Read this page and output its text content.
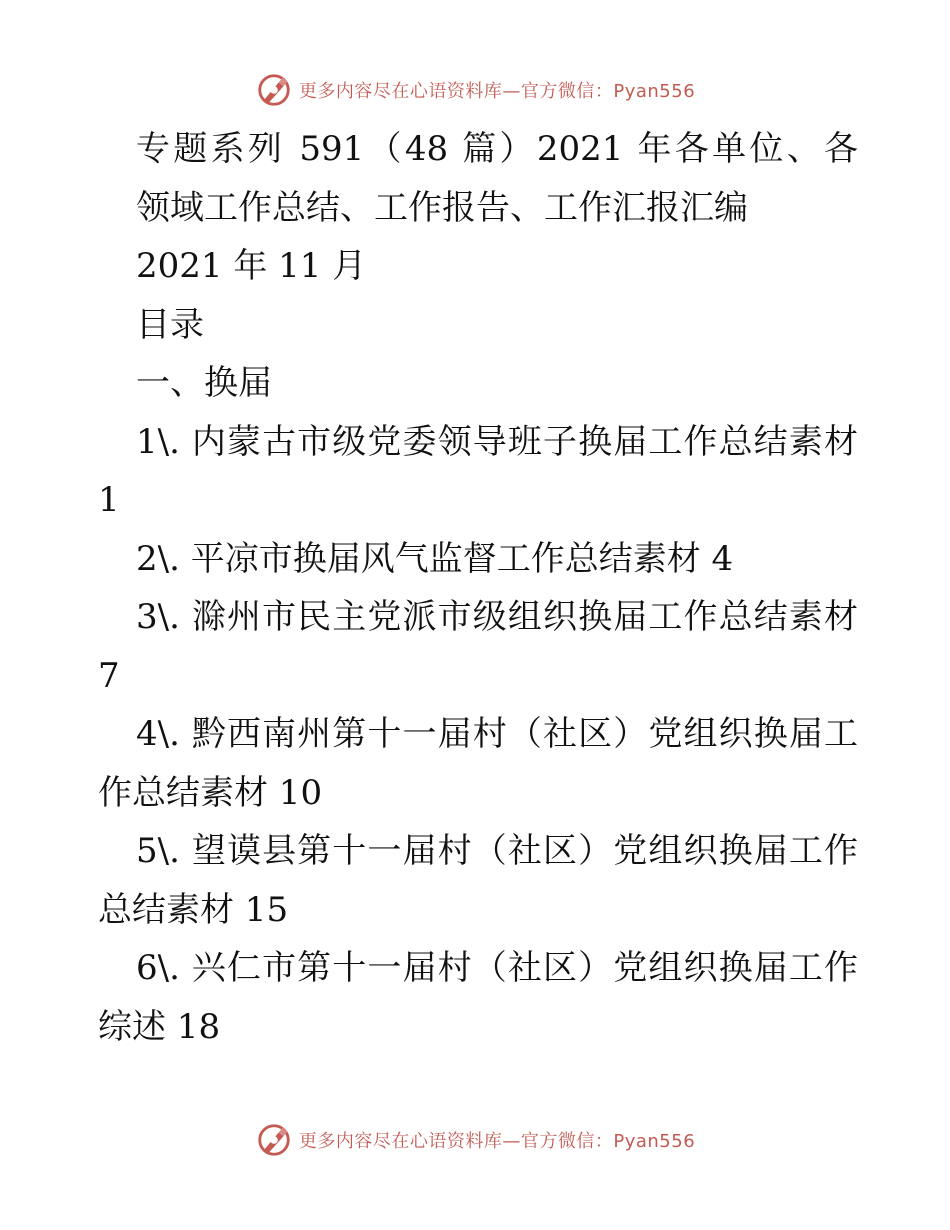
更多内容尽在心语资料库—官方微信：Pyan556
专题系列 591（48 篇）2021 年各单位、各
领域工作总结、工作报告、工作汇报汇编
2021 年 11 月
目录
一、换届
1\. 内蒙古市级党委领导班子换届工作总结素材
1
2\. 平凉市换届风气监督工作总结素材 4
3\. 滁州市民主党派市级组织换届工作总结素材
7
4\. 黔西南州第十一届村（社区）党组织换届工
作总结素材 10
5\. 望谟县第十一届村（社区）党组织换届工作
总结素材 15
6\. 兴仁市第十一届村（社区）党组织换届工作
综述 18
更多内容尽在心语资料库—官方微信：Pyan556
